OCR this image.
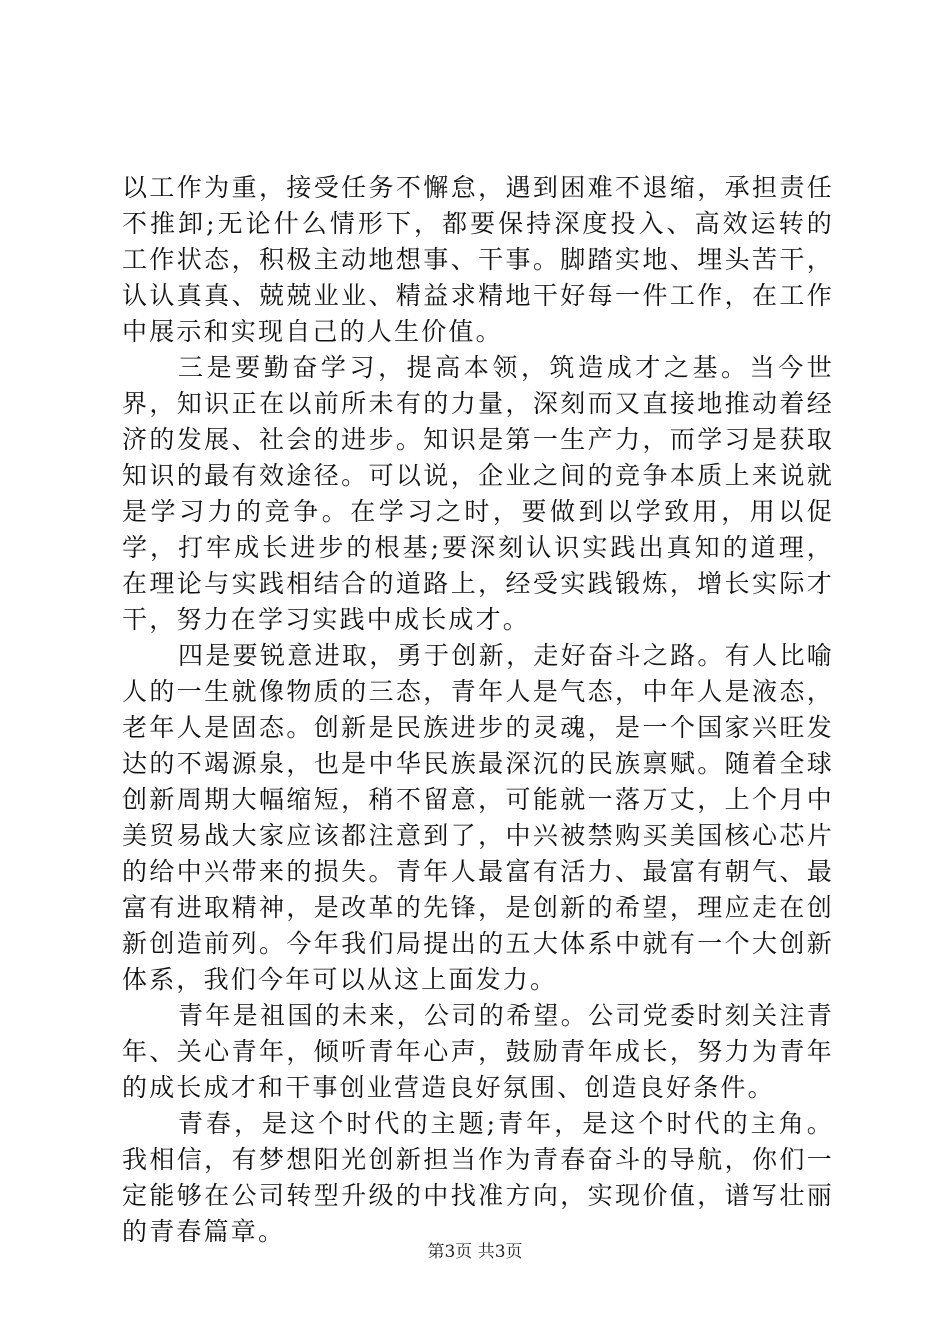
以工作为重，接受任务不懈怠，遇到困难不退缩，承担责任不推卸;无论什么情形下，都要保持深度投入、高效运转的工作状态，积极主动地想事、干事。脚踏实地、埋头苦干，认认真真、兢兢业业、精益求精地干好每一件工作，在工作中展示和实现自己的人生价值。

三是要勤奋学习，提高本领，筑造成才之基。当今世界，知识正在以前所未有的力量，深刻而又直接地推动着经济的发展、社会的进步。知识是第一生产力，而学习是获取知识的最有效途径。可以说，企业之间的竞争本质上来说就是学习力的竞争。在学习之时，要做到以学致用，用以促学，打牢成长进步的根基;要深刻认识实践出真知的道理，在理论与实践相结合的道路上，经受实践锻炼，增长实际才干，努力在学习实践中成长成才。

四是要锐意进取，勇于创新，走好奋斗之路。有人比喻人的一生就像物质的三态，青年人是气态，中年人是液态，老年人是固态。创新是民族进步的灵魂，是一个国家兴旺发达的不竭源泉，也是中华民族最深沉的民族禀赋。随着全球创新周期大幅缩短，稍不留意，可能就一落万丈，上个月中美贸易战大家应该都注意到了，中兴被禁购买美国核心芯片的给中兴带来的损失。青年人最富有活力、最富有朝气、最富有进取精神，是改革的先锋，是创新的希望，理应走在创新创造前列。今年我们局提出的五大体系中就有一个大创新体系，我们今年可以从这上面发力。

青年是祖国的未来，公司的希望。公司党委时刻关注青年、关心青年，倾听青年心声，鼓励青年成长，努力为青年的成长成才和干事创业营造良好氛围、创造良好条件。

青春，是这个时代的主题;青年，是这个时代的主角。我相信，有梦想阳光创新担当作为青春奋斗的导航，你们一定能够在公司转型升级的中找准方向，实现价值，谱写壮丽的青春篇章。

第3页 共3页
